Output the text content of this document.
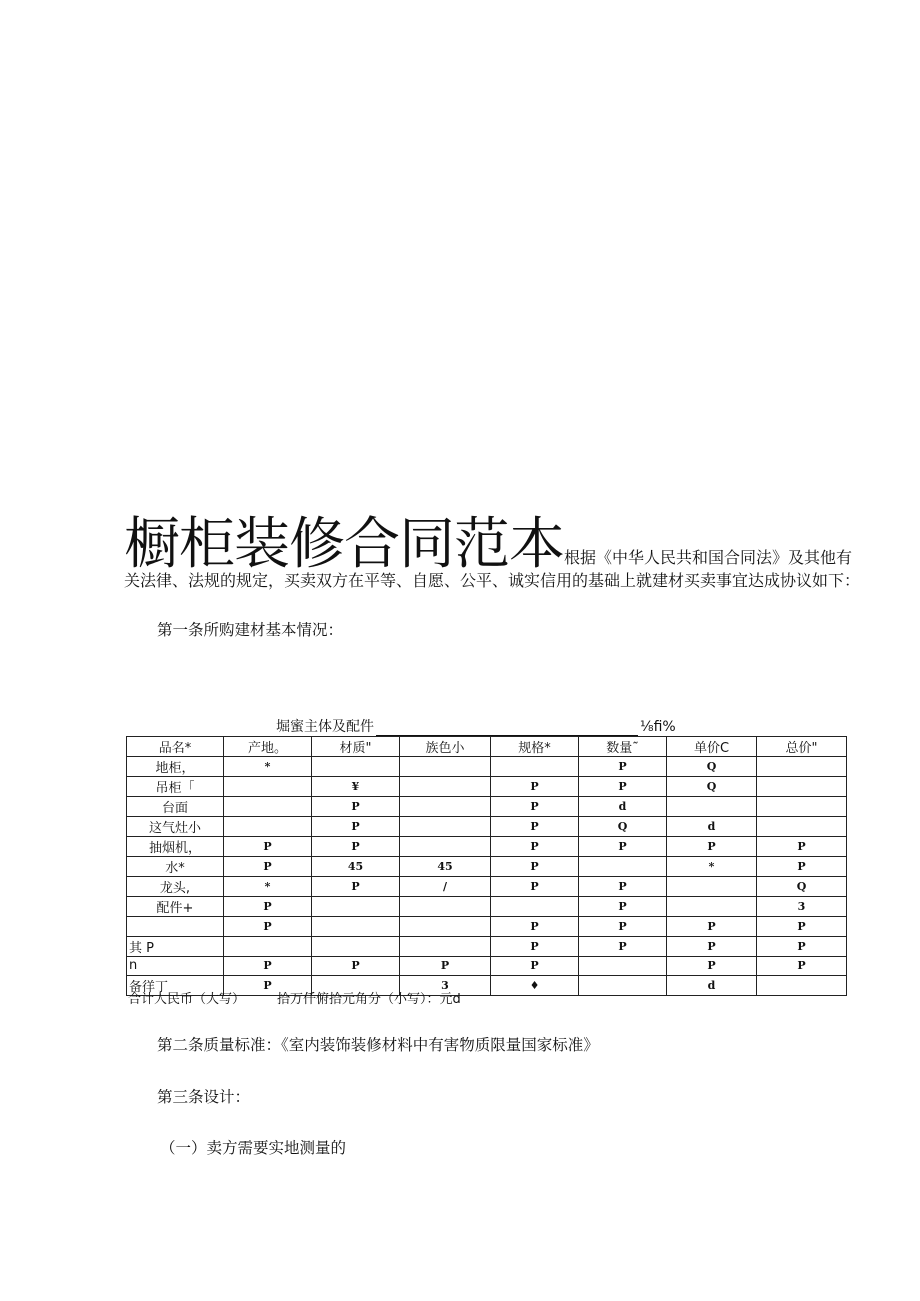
橱柜装修合同范本根据《中华人民共和国合同法》及其他有
关法律、法规的规定，买卖双方在平等、自愿、公平、诚实信用的基础上就建材买卖事宜达成协议如下：
第一条所购建材基本情况：
堀蜜主体及配件	⅛fi%
品名*	产地。	材质"	族色小	规格*	数量˜	单价C	总价"
地柜，	*				P	Q	
吊柜「		¥		P	P	Q	
台面		P		P	d		
这气灶小		P		P	Q	d	
抽烟机，	P	P		P	P	P	P
水*	P	45	45	P		*	P
龙头,	*	P	/	P	P		Q
配件+	P				P		3
	P			P	P	P	P
其 P				P	P	P	P
n	P	P	P	P		P	P
备徉丁	P		3	♦		d	
合计人民币（大写） 拾万仟俯拾元角分（小写）：元d
第二条质量标准：《室内装饰装修材料中有害物质限量国家标准》
第三条设计：
（一）卖方需要实地测量的
